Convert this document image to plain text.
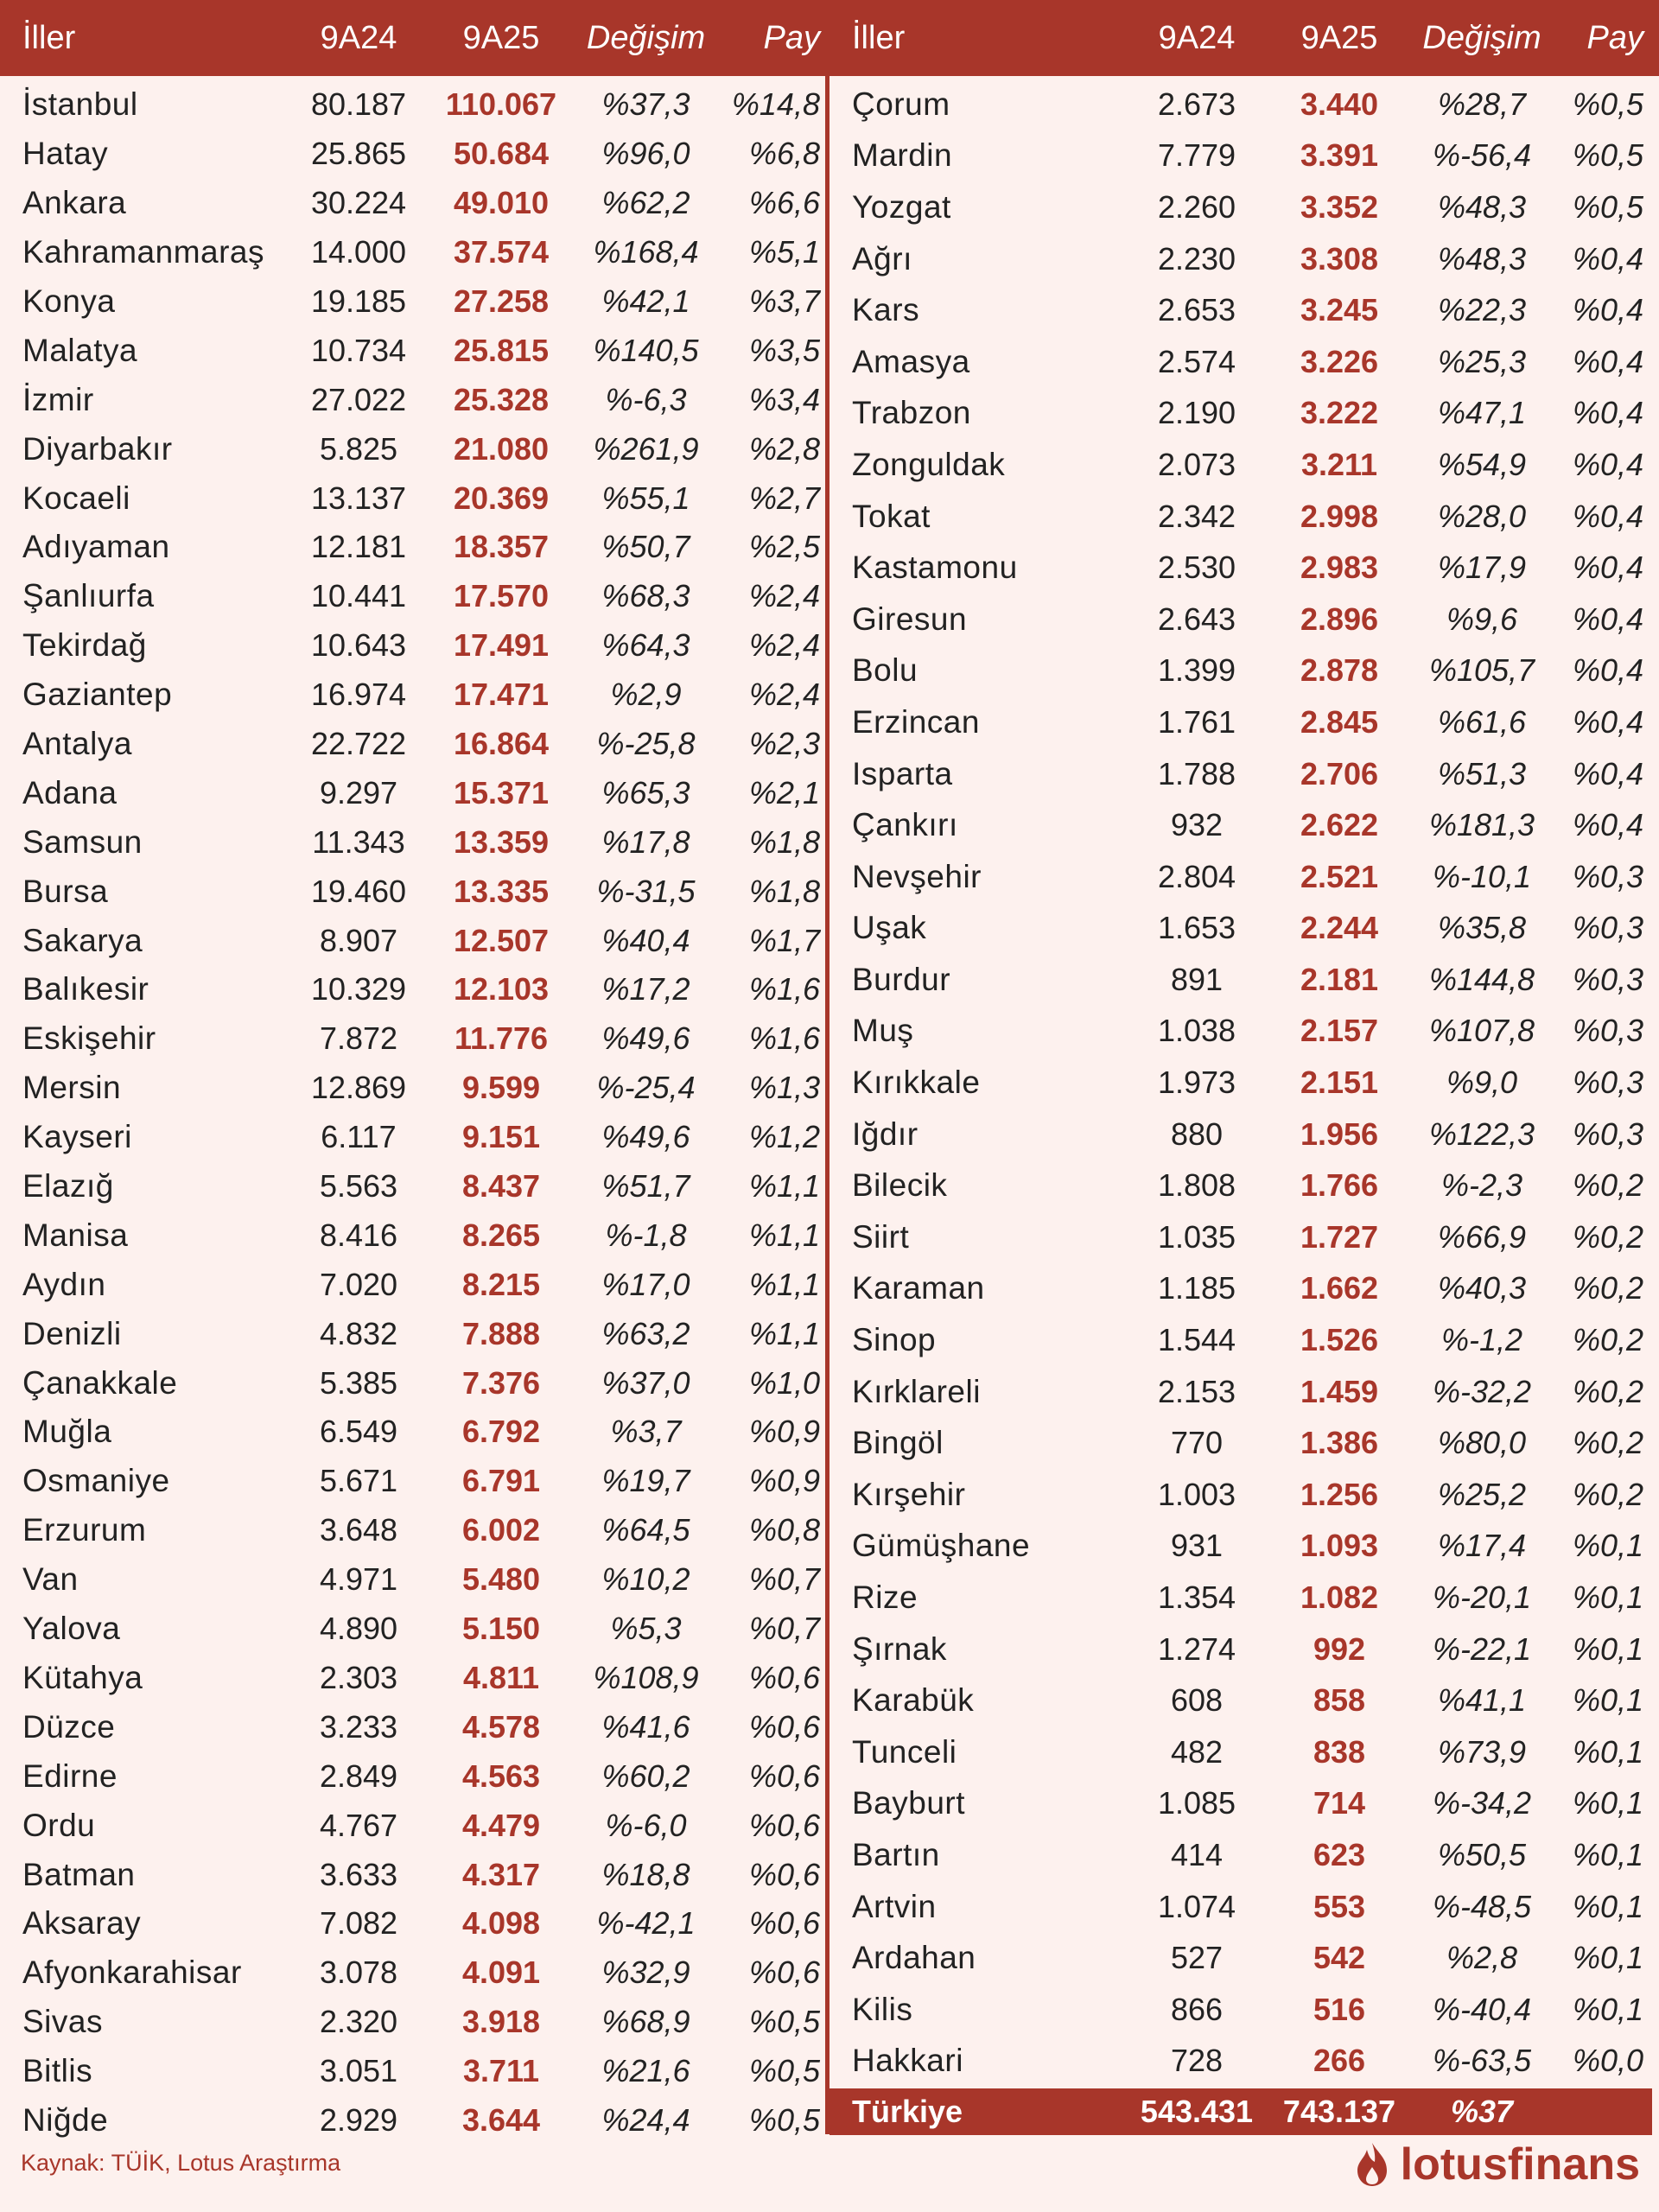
İller	9A24	9A25	Değişim	Pay
İstanbul	80.187	110.067	%37,3	%14,8
Hatay	25.865	50.684	%96,0	%6,8
Ankara	30.224	49.010	%62,2	%6,6
Kahramanmaraş	14.000	37.574	%168,4	%5,1
Konya	19.185	27.258	%42,1	%3,7
Malatya	10.734	25.815	%140,5	%3,5
İzmir	27.022	25.328	%-6,3	%3,4
Diyarbakır	5.825	21.080	%261,9	%2,8
Kocaeli	13.137	20.369	%55,1	%2,7
Adıyaman	12.181	18.357	%50,7	%2,5
Şanlıurfa	10.441	17.570	%68,3	%2,4
Tekirdağ	10.643	17.491	%64,3	%2,4
Gaziantep	16.974	17.471	%2,9	%2,4
Antalya	22.722	16.864	%-25,8	%2,3
Adana	9.297	15.371	%65,3	%2,1
Samsun	11.343	13.359	%17,8	%1,8
Bursa	19.460	13.335	%-31,5	%1,8
Sakarya	8.907	12.507	%40,4	%1,7
Balıkesir	10.329	12.103	%17,2	%1,6
Eskişehir	7.872	11.776	%49,6	%1,6
Mersin	12.869	9.599	%-25,4	%1,3
Kayseri	6.117	9.151	%49,6	%1,2
Elazığ	5.563	8.437	%51,7	%1,1
Manisa	8.416	8.265	%-1,8	%1,1
Aydın	7.020	8.215	%17,0	%1,1
Denizli	4.832	7.888	%63,2	%1,1
Çanakkale	5.385	7.376	%37,0	%1,0
Muğla	6.549	6.792	%3,7	%0,9
Osmaniye	5.671	6.791	%19,7	%0,9
Erzurum	3.648	6.002	%64,5	%0,8
Van	4.971	5.480	%10,2	%0,7
Yalova	4.890	5.150	%5,3	%0,7
Kütahya	2.303	4.811	%108,9	%0,6
Düzce	3.233	4.578	%41,6	%0,6
Edirne	2.849	4.563	%60,2	%0,6
Ordu	4.767	4.479	%-6,0	%0,6
Batman	3.633	4.317	%18,8	%0,6
Aksaray	7.082	4.098	%-42,1	%0,6
Afyonkarahisar	3.078	4.091	%32,9	%0,6
Sivas	2.320	3.918	%68,9	%0,5
Bitlis	3.051	3.711	%21,6	%0,5
Niğde	2.929	3.644	%24,4	%0,5
İller	9A24	9A25	Değişim	Pay
Çorum	2.673	3.440	%28,7	%0,5
Mardin	7.779	3.391	%-56,4	%0,5
Yozgat	2.260	3.352	%48,3	%0,5
Ağrı	2.230	3.308	%48,3	%0,4
Kars	2.653	3.245	%22,3	%0,4
Amasya	2.574	3.226	%25,3	%0,4
Trabzon	2.190	3.222	%47,1	%0,4
Zonguldak	2.073	3.211	%54,9	%0,4
Tokat	2.342	2.998	%28,0	%0,4
Kastamonu	2.530	2.983	%17,9	%0,4
Giresun	2.643	2.896	%9,6	%0,4
Bolu	1.399	2.878	%105,7	%0,4
Erzincan	1.761	2.845	%61,6	%0,4
Isparta	1.788	2.706	%51,3	%0,4
Çankırı	932	2.622	%181,3	%0,4
Nevşehir	2.804	2.521	%-10,1	%0,3
Uşak	1.653	2.244	%35,8	%0,3
Burdur	891	2.181	%144,8	%0,3
Muş	1.038	2.157	%107,8	%0,3
Kırıkkale	1.973	2.151	%9,0	%0,3
Iğdır	880	1.956	%122,3	%0,3
Bilecik	1.808	1.766	%-2,3	%0,2
Siirt	1.035	1.727	%66,9	%0,2
Karaman	1.185	1.662	%40,3	%0,2
Sinop	1.544	1.526	%-1,2	%0,2
Kırklareli	2.153	1.459	%-32,2	%0,2
Bingöl	770	1.386	%80,0	%0,2
Kırşehir	1.003	1.256	%25,2	%0,2
Gümüşhane	931	1.093	%17,4	%0,1
Rize	1.354	1.082	%-20,1	%0,1
Şırnak	1.274	992	%-22,1	%0,1
Karabük	608	858	%41,1	%0,1
Tunceli	482	838	%73,9	%0,1
Bayburt	1.085	714	%-34,2	%0,1
Bartın	414	623	%50,5	%0,1
Artvin	1.074	553	%-48,5	%0,1
Ardahan	527	542	%2,8	%0,1
Kilis	866	516	%-40,4	%0,1
Hakkari	728	266	%-63,5	%0,0
Türkiye	543.431 743.137	%37
Kaynak: TÜİK, Lotus Araştırma	lotusfinans
